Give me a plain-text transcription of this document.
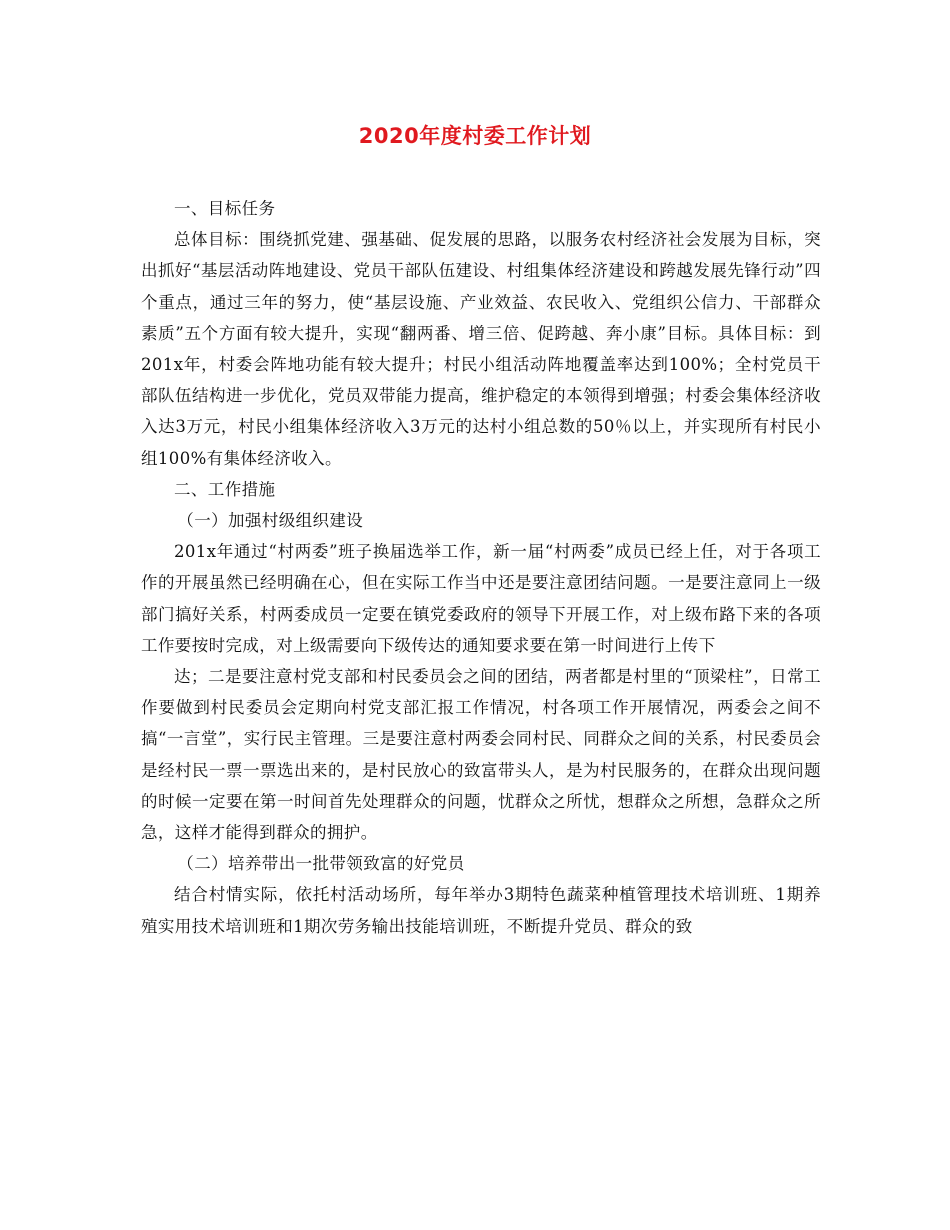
2020年度村委工作计划

一、目标任务

总体目标：围绕抓党建、强基础、促发展的思路，以服务农村经济社会发展为目标，突出抓好“基层活动阵地建设、党员干部队伍建设、村组集体经济建设和跨越发展先锋行动”四个重点，通过三年的努力，使“基层设施、产业效益、农民收入、党组织公信力、干部群众素质”五个方面有较大提升，实现“翻两番、增三倍、促跨越、奔小康”目标。具体目标：到201x年，村委会阵地功能有较大提升；村民小组活动阵地覆盖率达到100%；全村党员干部队伍结构进一步优化，党员双带能力提高，维护稳定的本领得到增强；村委会集体经济收入达3万元，村民小组集体经济收入3万元的达村小组总数的50％以上，并实现所有村民小组100%有集体经济收入。

二、工作措施

（一）加强村级组织建设

201x年通过“村两委”班子换届选举工作，新一届“村两委”成员已经上任，对于各项工作的开展虽然已经明确在心，但在实际工作当中还是要注意团结问题。一是要注意同上一级部门搞好关系，村两委成员一定要在镇党委政府的领导下开展工作，对上级布路下来的各项工作要按时完成，对上级需要向下级传达的通知要求要在第一时间进行上传下

达；二是要注意村党支部和村民委员会之间的团结，两者都是村里的“顶梁柱”，日常工作要做到村民委员会定期向村党支部汇报工作情况，村各项工作开展情况，两委会之间不搞“一言堂”，实行民主管理。三是要注意村两委会同村民、同群众之间的关系，村民委员会是经村民一票一票选出来的，是村民放心的致富带头人，是为村民服务的，在群众出现问题的时候一定要在第一时间首先处理群众的问题，忧群众之所忧，想群众之所想，急群众之所急，这样才能得到群众的拥护。

（二）培养带出一批带领致富的好党员

结合村情实际，依托村活动场所，每年举办3期特色蔬菜种植管理技术培训班、1期养殖实用技术培训班和1期次劳务输出技能培训班，不断提升党员、群众的致
